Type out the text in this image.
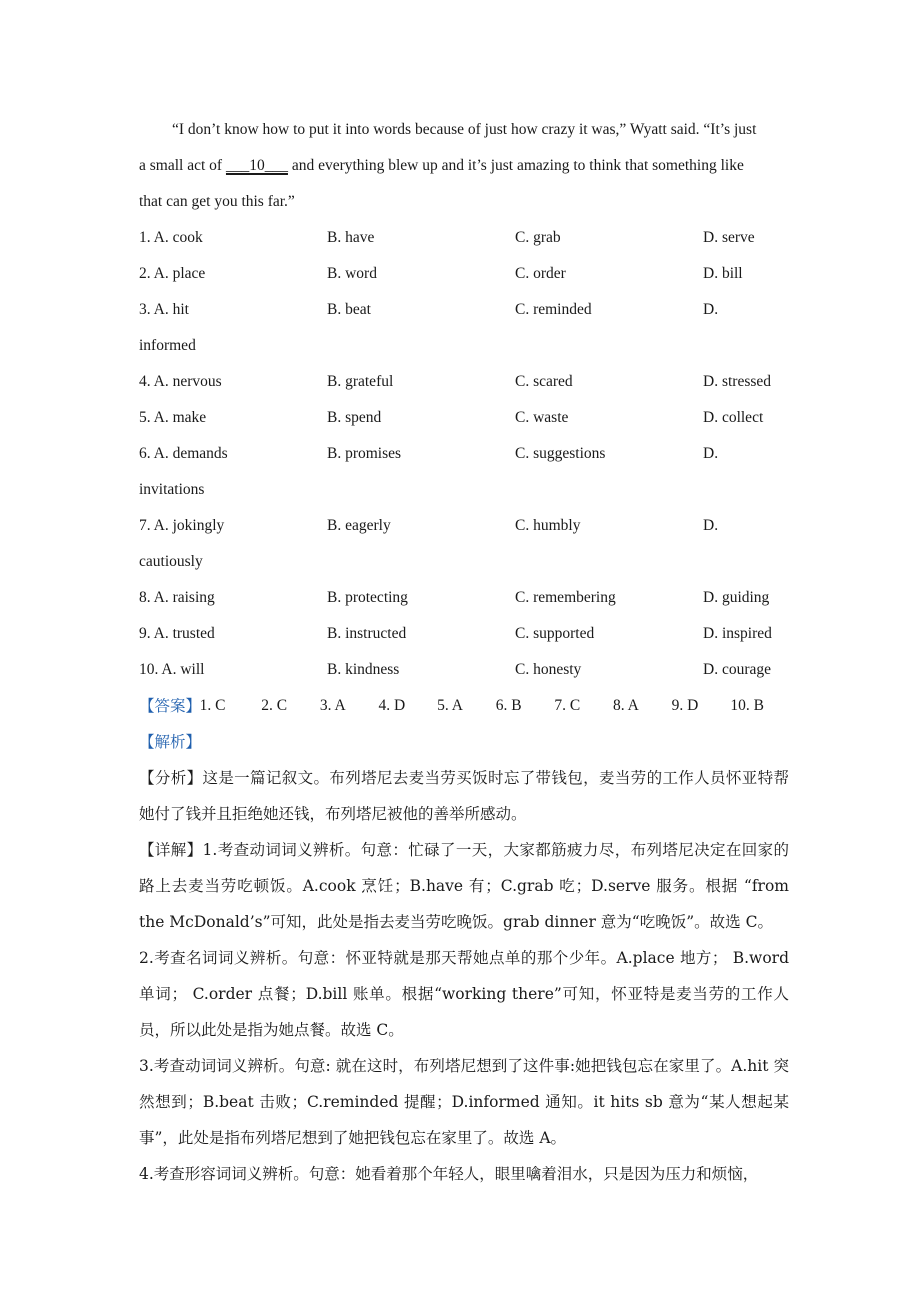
“I don’t know how to put it into words because of just how crazy it was,” Wyatt said. “It’s just
a small act of ___10___ and everything blew up and it’s just amazing to think that something like
that can get you this far.”
1. A. cook	B. have	C. grab	D. serve
2. A. place	B. word	C. order	D. bill
3. A. hit	B. beat	C. reminded	D.
informed
4. A. nervous	B. grateful	C. scared	D. stressed
5. A. make	B. spend	C. waste	D. collect
6. A. demands	B. promises	C. suggestions	D.
invitations
7. A. jokingly	B. eagerly	C. humbly	D.
cautiously
8. A. raising	B. protecting	C. remembering	D. guiding
9. A. trusted	B. instructed	C. supported	D. inspired
10. A. will	B. kindness	C. honesty	D. courage
【答案】
1. C	2. C	3. A	4. D	5. A	6. B	7. C	8. A	9. D	10. B
【解析】
【分析】这是一篇记叙文。布列塔尼去麦当劳买饭时忘了带钱包，麦当劳的工作人员怀亚特帮她付了钱并且拒绝她还钱，布列塔尼被他的善举所感动。
【详解】1.考查动词词义辨析。句意：忙碌了一天，大家都筋疲力尽，布列塔尼决定在回家的路上去麦当劳吃顿饭。A.cook 烹饪；B.have 有；C.grab 吃；D.serve 服务。根据 “from the McDonald’s”可知，此处是指去麦当劳吃晚饭。grab dinner 意为“吃晚饭”。故选 C。
2.考查名词词义辨析。句意：怀亚特就是那天帮她点单的那个少年。A.place 地方； B.word 单词； C.order 点餐；D.bill 账单。根据“working there”可知，怀亚特是麦当劳的工作人员，所以此处是指为她点餐。故选 C。
3.考查动词词义辨析。句意: 就在这时，布列塔尼想到了这件事:她把钱包忘在家里了。A.hit 突然想到；B.beat 击败；C.reminded 提醒；D.informed 通知。it hits sb 意为“某人想起某事”，此处是指布列塔尼想到了她把钱包忘在家里了。故选 A。
4.考查形容词词义辨析。句意：她看着那个年轻人，眼里噙着泪水，只是因为压力和烦恼，
